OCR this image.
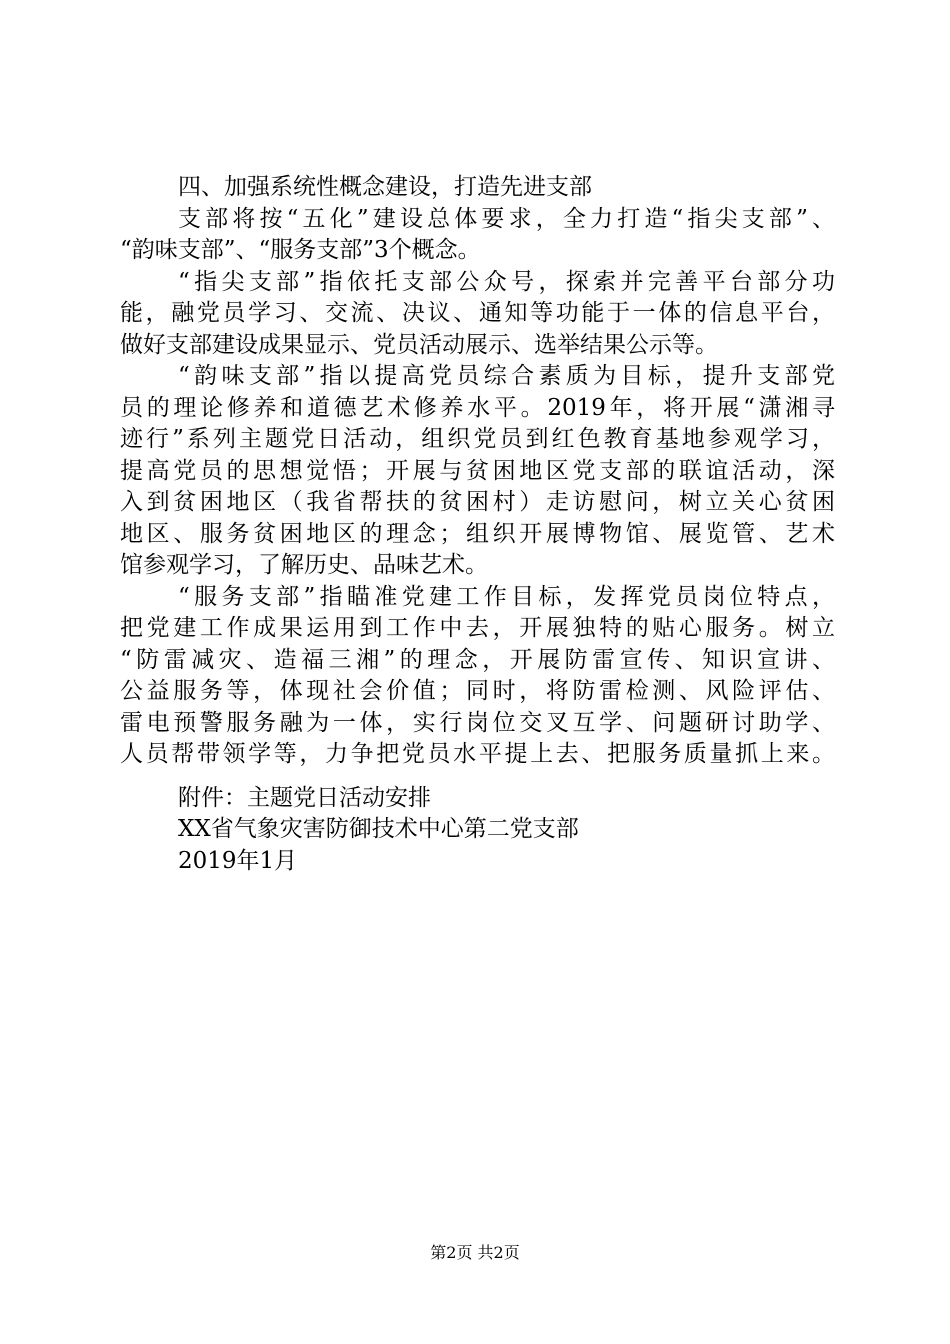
四、加强系统性概念建设，打造先进支部
支部将按“五化”建设总体要求，全力打造“指尖支部”、
“韵味支部”、“服务支部”3个概念。
“指尖支部”指依托支部公众号，探索并完善平台部分功
能，融党员学习、交流、决议、通知等功能于一体的信息平台，
做好支部建设成果显示、党员活动展示、选举结果公示等。
“韵味支部”指以提高党员综合素质为目标，提升支部党
员的理论修养和道德艺术修养水平。2019年，将开展“潇湘寻
迹行”系列主题党日活动，组织党员到红色教育基地参观学习，
提高党员的思想觉悟；开展与贫困地区党支部的联谊活动，深
入到贫困地区（我省帮扶的贫困村）走访慰问，树立关心贫困
地区、服务贫困地区的理念；组织开展博物馆、展览管、艺术
馆参观学习，了解历史、品味艺术。
“服务支部”指瞄准党建工作目标，发挥党员岗位特点，
把党建工作成果运用到工作中去，开展独特的贴心服务。树立
“防雷减灾、造福三湘”的理念，开展防雷宣传、知识宣讲、
公益服务等，体现社会价值；同时，将防雷检测、风险评估、
雷电预警服务融为一体，实行岗位交叉互学、问题研讨助学、
人员帮带领学等，力争把党员水平提上去、把服务质量抓上来。
附件：主题党日活动安排
XX省气象灾害防御技术中心第二党支部
2019年1月
第2页 共2页
